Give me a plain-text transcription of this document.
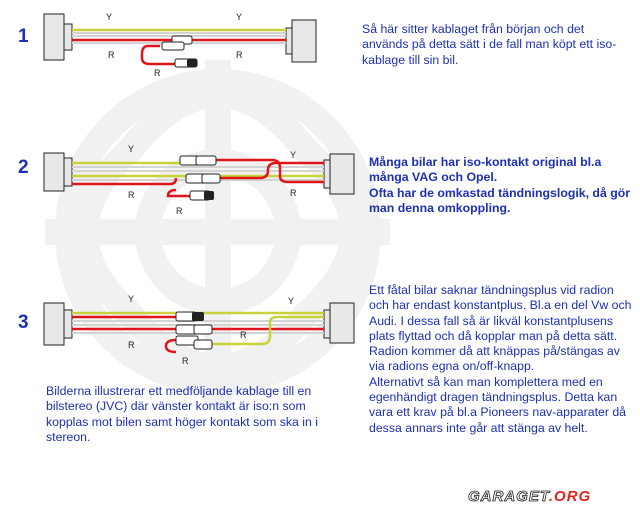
Y	Y
R	R
R
Y
Y
R	R
R
Y	Y
R
R
R
1
2
3
Så här sitter kablaget från början och det används på detta sätt i de fall man köpt ett iso-kablage till sin bil.
Många bilar har iso-kontakt original bl.a många VAG och Opel.
Ofta har de omkastad tändningslogik, då gör man denna omkoppling.
Ett fåtal bilar saknar tändningsplus vid radion och har endast konstantplus. Bl.a en del Vw och Audi. I dessa fall så är likväl konstantplusens plats flyttad och då kopplar man på detta sätt. Radion kommer då att knäppas på/stängas av via radions egna on/off-knapp.
Alternativt så kan man komplettera med en egenhändigt dragen tändningsplus. Detta kan vara ett krav på bl.a Pioneers nav-apparater då dessa annars inte går att stänga av helt.
Bilderna illustrerar ett medföljande kablage till en bilstereo (JVC) där vänster kontakt är iso:n som kopplas mot bilen samt höger kontakt som ska in i stereon.
GARAGET.ORG
